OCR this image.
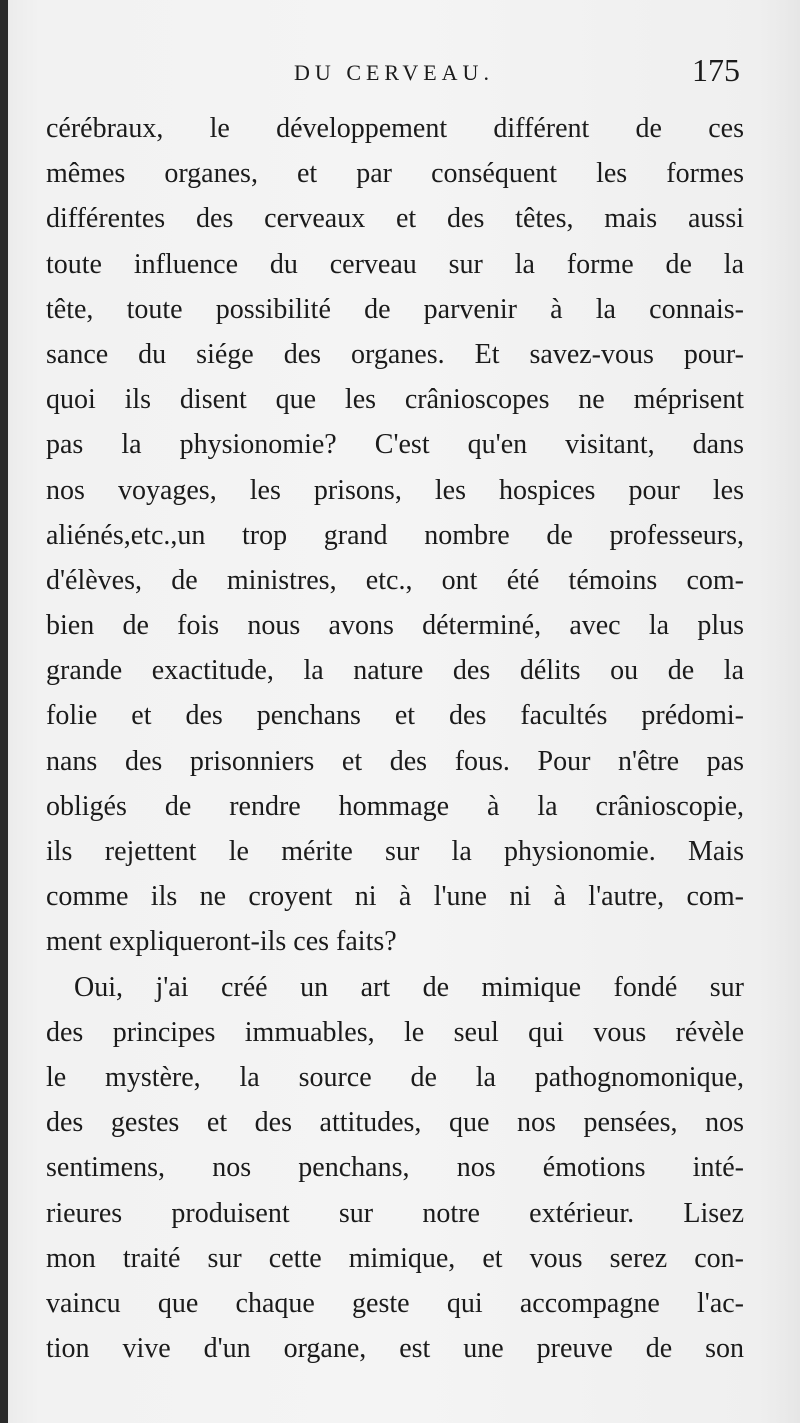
DU CERVEAU.	175
cérébraux, le développement différent de ces
mêmes organes, et par conséquent les formes
différentes des cerveaux et des têtes, mais aussi
toute influence du cerveau sur la forme de la
tête, toute possibilité de parvenir à la connais-
sance du siége des organes. Et savez-vous pour-
quoi ils disent que les crânioscopes ne méprisent
pas la physionomie? C'est qu'en visitant, dans
nos voyages, les prisons, les hospices pour les
aliénés,etc.,un trop grand nombre de professeurs,
d'élèves, de ministres, etc., ont été témoins com-
bien de fois nous avons déterminé, avec la plus
grande exactitude, la nature des délits ou de la
folie et des penchans et des facultés prédomi-
nans des prisonniers et des fous. Pour n'être pas
obligés de rendre hommage à la crânioscopie,
ils rejettent le mérite sur la physionomie. Mais
comme ils ne croyent ni à l'une ni à l'autre, com-
ment expliqueront-ils ces faits?
Oui, j'ai créé un art de mimique fondé sur
des principes immuables, le seul qui vous révèle
le mystère, la source de la pathognomonique,
des gestes et des attitudes, que nos pensées, nos
sentimens, nos penchans, nos émotions inté-
rieures produisent sur notre extérieur. Lisez
mon traité sur cette mimique, et vous serez con-
vaincu que chaque geste qui accompagne l'ac-
tion vive d'un organe, est une preuve de son
